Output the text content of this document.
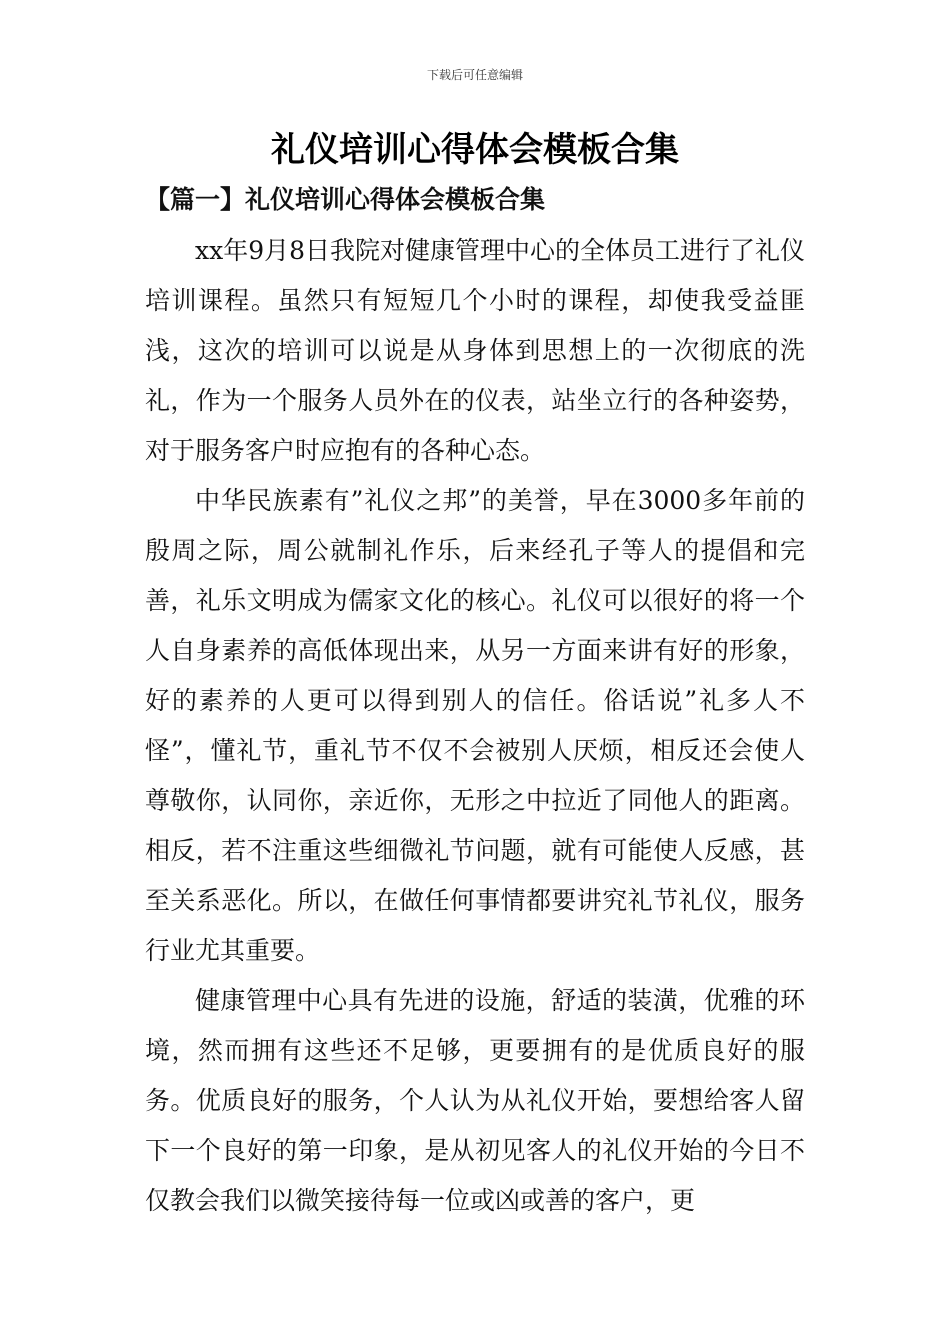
下载后可任意编辑
礼仪培训心得体会模板合集
【篇一】礼仪培训心得体会模板合集

xx年9月8日我院对健康管理中心的全体员工进行了礼仪培训课程。虽然只有短短几个小时的课程，却使我受益匪浅，这次的培训可以说是从身体到思想上的一次彻底的洗礼，作为一个服务人员外在的仪表，站坐立行的各种姿势，对于服务客户时应抱有的各种心态。

中华民族素有”礼仪之邦”的美誉，早在3000多年前的殷周之际，周公就制礼作乐，后来经孔子等人的提倡和完善，礼乐文明成为儒家文化的核心。礼仪可以很好的将一个人自身素养的高低体现出来，从另一方面来讲有好的形象，好的素养的人更可以得到别人的信任。俗话说”礼多人不怪”，懂礼节，重礼节不仅不会被别人厌烦，相反还会使人尊敬你，认同你，亲近你，无形之中拉近了同他人的距离。相反，若不注重这些细微礼节问题，就有可能使人反感，甚至关系恶化。所以，在做任何事情都要讲究礼节礼仪，服务行业尤其重要。

健康管理中心具有先进的设施，舒适的装潢，优雅的环境，然而拥有这些还不足够，更要拥有的是优质良好的服务。优质良好的服务，个人认为从礼仪开始，要想给客人留下一个良好的第一印象，是从初见客人的礼仪开始的今日不仅教会我们以微笑接待每一位或凶或善的客户，更
